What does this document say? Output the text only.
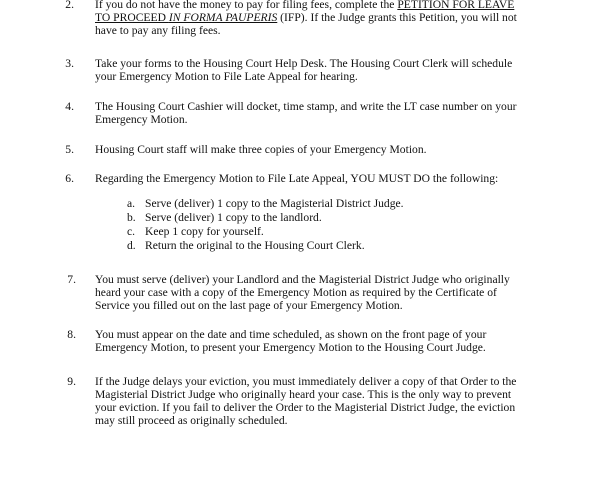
2. If you do not have the money to pay for filing fees, complete the PETITION FOR LEAVE
TO PROCEED IN FORMA PAUPERIS (IFP). If the Judge grants this Petition, you will not
have to pay any filing fees.
3. Take your forms to the Housing Court Help Desk. The Housing Court Clerk will schedule
your Emergency Motion to File Late Appeal for hearing.
4. The Housing Court Cashier will docket, time stamp, and write the LT case number on your
Emergency Motion.
5. Housing Court staff will make three copies of your Emergency Motion.
6. Regarding the Emergency Motion to File Late Appeal, YOU MUST DO the following:
a. Serve (deliver) 1 copy to the Magisterial District Judge.
b. Serve (deliver) 1 copy to the landlord.
c. Keep 1 copy for yourself.
d. Return the original to the Housing Court Clerk.
7. You must serve (deliver) your Landlord and the Magisterial District Judge who originally
heard your case with a copy of the Emergency Motion as required by the Certificate of
Service you filled out on the last page of your Emergency Motion.
8. You must appear on the date and time scheduled, as shown on the front page of your
Emergency Motion, to present your Emergency Motion to the Housing Court Judge.
9. If the Judge delays your eviction, you must immediately deliver a copy of that Order to the
Magisterial District Judge who originally heard your case. This is the only way to prevent
your eviction. If you fail to deliver the Order to the Magisterial District Judge, the eviction
may still proceed as originally scheduled.
